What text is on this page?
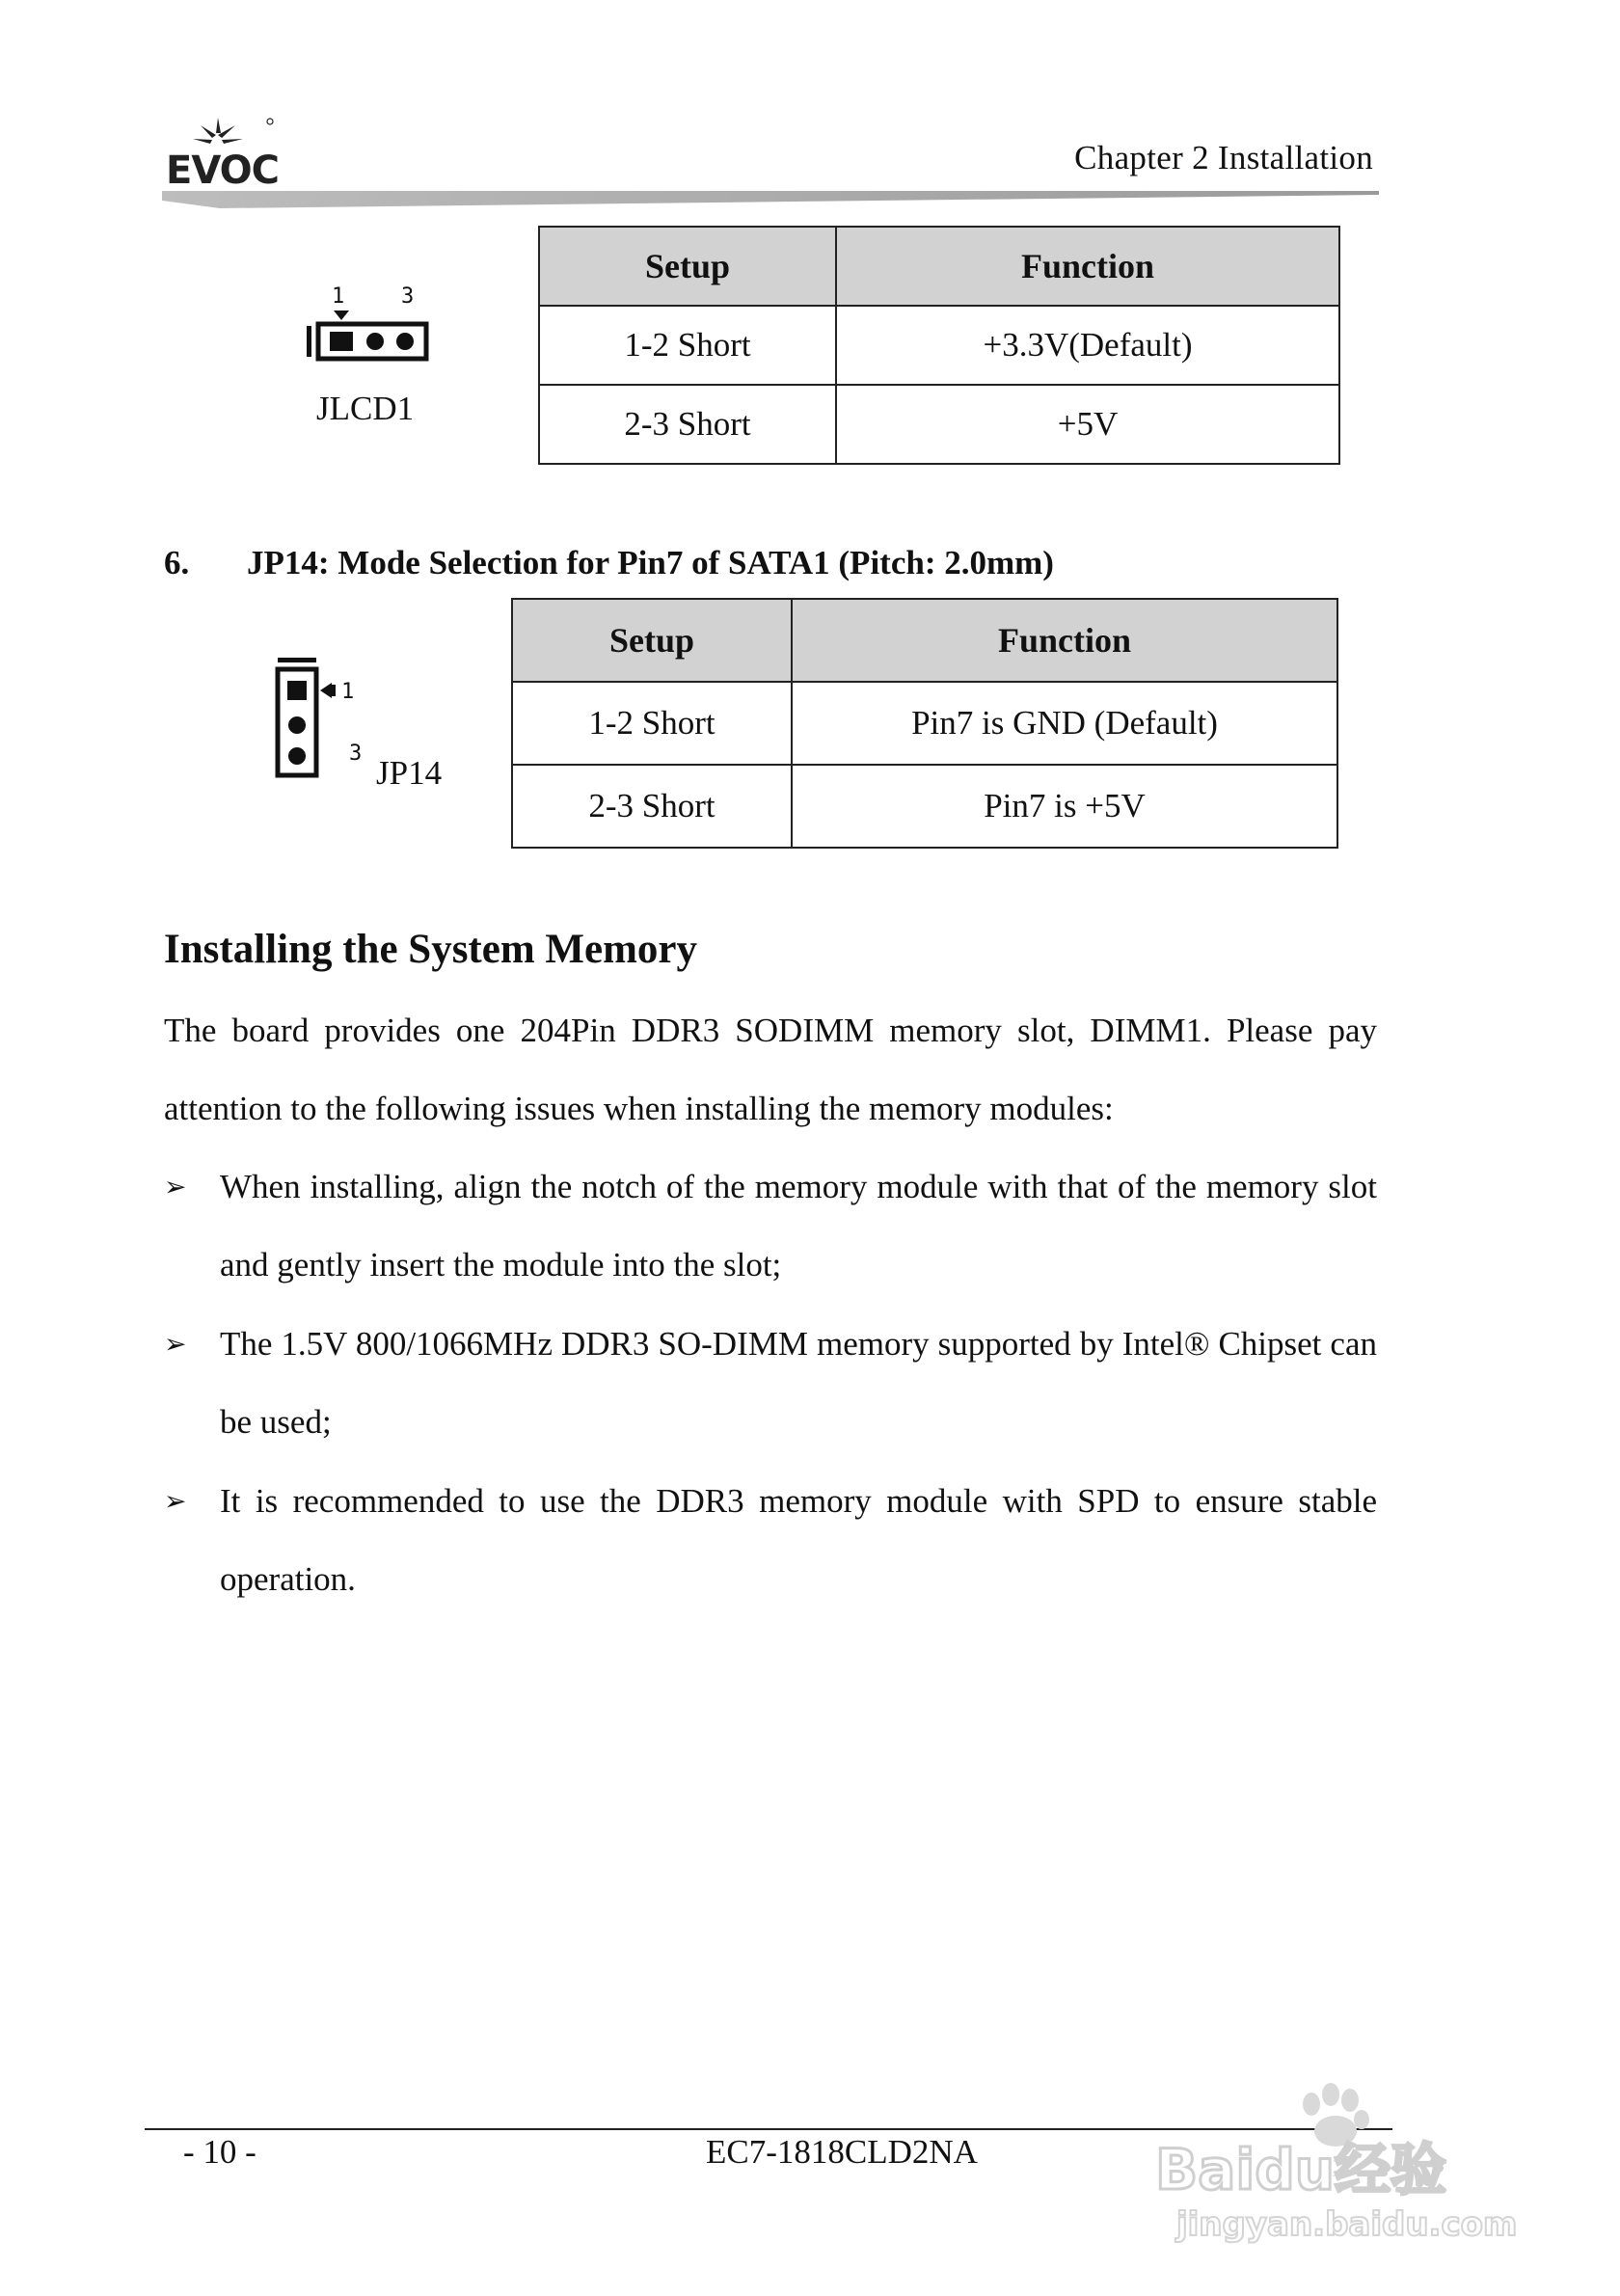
EVOC	Chapter 2 Installation
1	3
JLCD1
Setup	Function
1-2 Short	+3.3V(Default)
2-3 Short	+5V
6. JP14: Mode Selection for Pin7 of SATA1 (Pitch: 2.0mm)
1
3
JP14
Setup	Function
1-2 Short	Pin7 is GND (Default)
2-3 Short	Pin7 is +5V
Installing the System Memory
The board provides one 204Pin DDR3 SODIMM memory slot, DIMM1. Please pay attention to the following issues when installing the memory modules:
➢ When installing, align the notch of the memory module with that of the memory slot and gently insert the module into the slot;
➢ The 1.5V 800/1066MHz DDR3 SO-DIMM memory supported by Intel® Chipset can be used;
➢ It is recommended to use the DDR3 memory module with SPD to ensure stable operation.
- 10 -	EC7-1818CLD2NA	Baidu经验
jingyan.baidu.com
